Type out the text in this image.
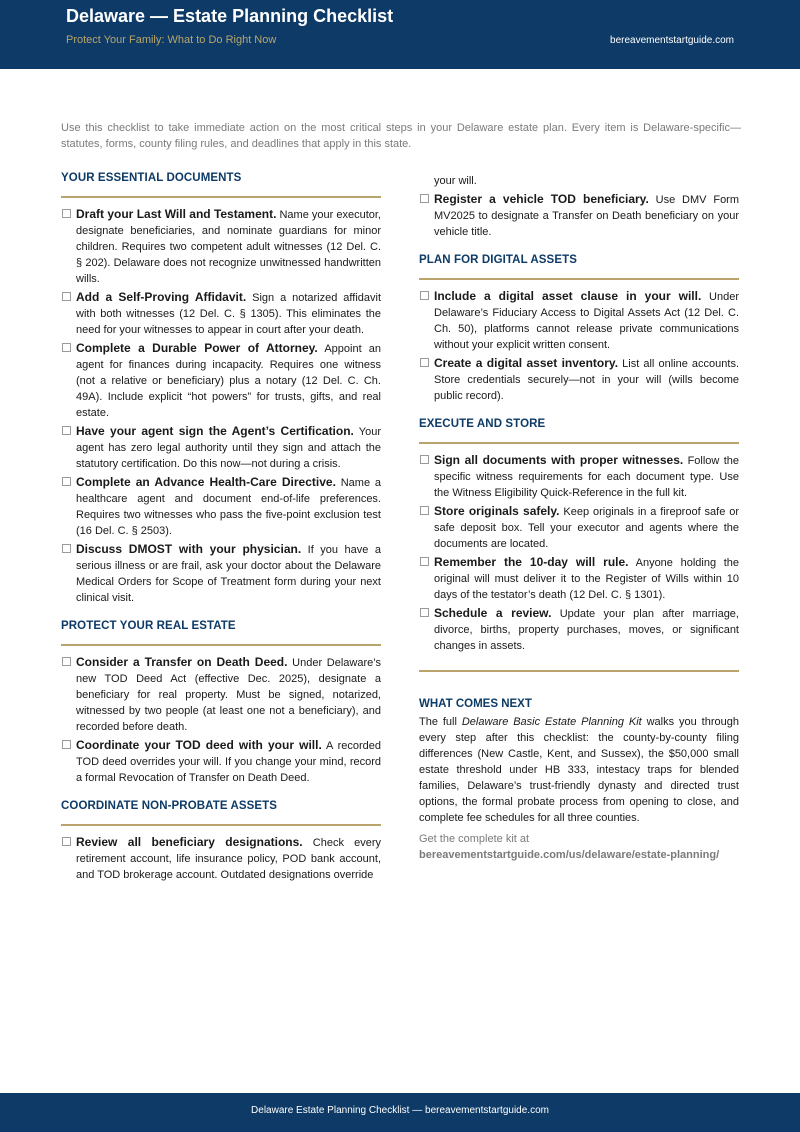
Delaware — Estate Planning Checklist
Protect Your Family: What to Do Right Now	bereavementstartguide.com
Use this checklist to take immediate action on the most critical steps in your Delaware estate plan. Every item is Delaware-specific—statutes, forms, county filing rules, and deadlines that apply in this state.
YOUR ESSENTIAL DOCUMENTS
Draft your Last Will and Testament. Name your executor, designate beneficiaries, and nominate guardians for minor children. Requires two competent adult witnesses (12 Del. C. § 202). Delaware does not recognize unwitnessed handwritten wills.
Add a Self-Proving Affidavit. Sign a notarized affidavit with both witnesses (12 Del. C. § 1305). This eliminates the need for your witnesses to appear in court after your death.
Complete a Durable Power of Attorney. Appoint an agent for finances during incapacity. Requires one witness (not a relative or beneficiary) plus a notary (12 Del. C. Ch. 49A). Include explicit “hot powers” for trusts, gifts, and real estate.
Have your agent sign the Agent’s Certification. Your agent has zero legal authority until they sign and attach the statutory certification. Do this now—not during a crisis.
Complete an Advance Health-Care Directive. Name a healthcare agent and document end-of-life preferences. Requires two witnesses who pass the five-point exclusion test (16 Del. C. § 2503).
Discuss DMOST with your physician. If you have a serious illness or are frail, ask your doctor about the Delaware Medical Orders for Scope of Treatment form during your next clinical visit.
PROTECT YOUR REAL ESTATE
Consider a Transfer on Death Deed. Under Delaware’s new TOD Deed Act (effective Dec. 2025), designate a beneficiary for real property. Must be signed, notarized, witnessed by two people (at least one not a beneficiary), and recorded before death.
Coordinate your TOD deed with your will. A recorded TOD deed overrides your will. If you change your mind, record a formal Revocation of Transfer on Death Deed.
COORDINATE NON-PROBATE ASSETS
Review all beneficiary designations. Check every retirement account, life insurance policy, POD bank account, and TOD brokerage account. Outdated designations override
your will.
Register a vehicle TOD beneficiary. Use DMV Form MV2025 to designate a Transfer on Death beneficiary on your vehicle title.
PLAN FOR DIGITAL ASSETS
Include a digital asset clause in your will. Under Delaware’s Fiduciary Access to Digital Assets Act (12 Del. C. Ch. 50), platforms cannot release private communications without your explicit written consent.
Create a digital asset inventory. List all online accounts. Store credentials securely—not in your will (wills become public record).
EXECUTE AND STORE
Sign all documents with proper witnesses. Follow the specific witness requirements for each document type. Use the Witness Eligibility Quick-Reference in the full kit.
Store originals safely. Keep originals in a fireproof safe or safe deposit box. Tell your executor and agents where the documents are located.
Remember the 10-day will rule. Anyone holding the original will must deliver it to the Register of Wills within 10 days of the testator’s death (12 Del. C. § 1301).
Schedule a review. Update your plan after marriage, divorce, births, property purchases, moves, or significant changes in assets.
WHAT COMES NEXT
The full Delaware Basic Estate Planning Kit walks you through every step after this checklist: the county-by-county filing differences (New Castle, Kent, and Sussex), the $50,000 small estate threshold under HB 333, intestacy traps for blended families, Delaware’s trust-friendly dynasty and directed trust options, the formal probate process from opening to close, and complete fee schedules for all three counties.
Get the complete kit at
bereavementstartguide.com/us/delaware/estate-planning/
Delaware Estate Planning Checklist — bereavementstartguide.com
